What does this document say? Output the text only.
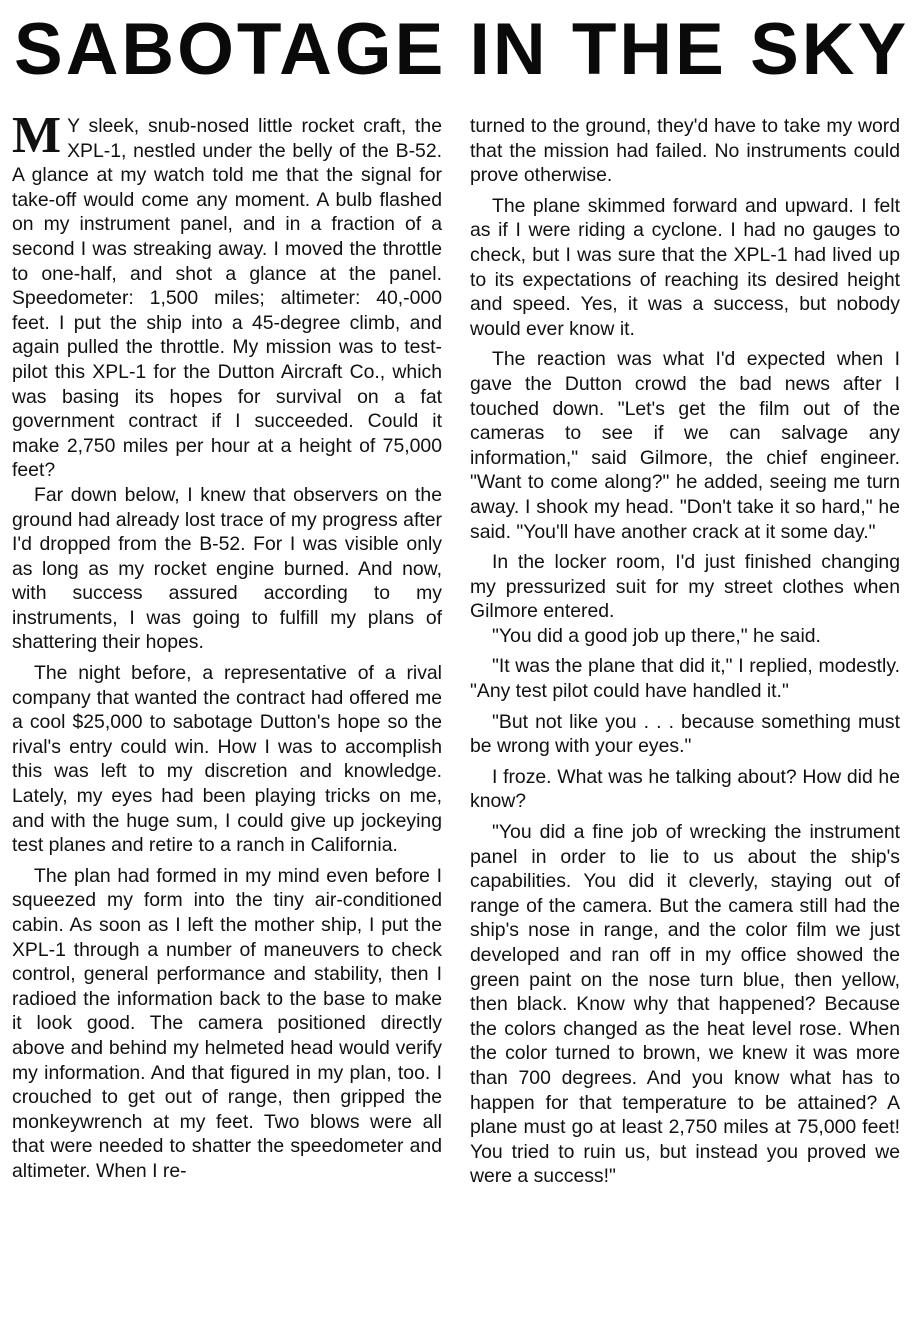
SABOTAGE IN THE SKY

M Y sleek, snub-nosed little rocket craft, the XPL-1, nestled under the belly of the B-52. A glance at my watch told me that the signal for take-off would come any moment. A bulb flashed on my instrument panel, and in a fraction of a second I was streaking away. I moved the throttle to one-half, and shot a glance at the panel. Speedometer: 1,500 miles; altimeter: 40,-000 feet. I put the ship into a 45-degree climb, and again pulled the throttle. My mission was to test-pilot this XPL-1 for the Dutton Aircraft Co., which was basing its hopes for survival on a fat government contract if I succeeded. Could it make 2,750 miles per hour at a height of 75,000 feet?

Far down below, I knew that observers on the ground had already lost trace of my progress after I'd dropped from the B-52. For I was visible only as long as my rocket engine burned. And now, with success assured according to my instruments, I was going to fulfill my plans of shattering their hopes.

The night before, a representative of a rival company that wanted the contract had offered me a cool $25,000 to sabotage Dutton's hope so the rival's entry could win. How I was to accomplish this was left to my discretion and knowledge. Lately, my eyes had been playing tricks on me, and with the huge sum, I could give up jockeying test planes and retire to a ranch in California.

The plan had formed in my mind even before I squeezed my form into the tiny air-conditioned cabin. As soon as I left the mother ship, I put the XPL-1 through a number of maneuvers to check control, general performance and stability, then I radioed the information back to the base to make it look good. The camera positioned directly above and behind my helmeted head would verify my information. And that figured in my plan, too. I crouched to get out of range, then gripped the monkeywrench at my feet. Two blows were all that were needed to shatter the speedometer and altimeter. When I re-

turned to the ground, they'd have to take my word that the mission had failed. No instruments could prove otherwise.

The plane skimmed forward and upward. I felt as if I were riding a cyclone. I had no gauges to check, but I was sure that the XPL-1 had lived up to its expectations of reaching its desired height and speed. Yes, it was a success, but nobody would ever know it.

The reaction was what I'd expected when I gave the Dutton crowd the bad news after I touched down. "Let's get the film out of the cameras to see if we can salvage any information," said Gilmore, the chief engineer. "Want to come along?" he added, seeing me turn away. I shook my head. "Don't take it so hard," he said. "You'll have another crack at it some day."

In the locker room, I'd just finished changing my pressurized suit for my street clothes when Gilmore entered.

"You did a good job up there," he said.

"It was the plane that did it," I replied, modestly. "Any test pilot could have handled it."

"But not like you . . . because something must be wrong with your eyes."

I froze. What was he talking about? How did he know?

"You did a fine job of wrecking the instrument panel in order to lie to us about the ship's capabilities. You did it cleverly, staying out of range of the camera. But the camera still had the ship's nose in range, and the color film we just developed and ran off in my office showed the green paint on the nose turn blue, then yellow, then black. Know why that happened? Because the colors changed as the heat level rose. When the color turned to brown, we knew it was more than 700 degrees. And you know what has to happen for that temperature to be attained? A plane must go at least 2,750 miles at 75,000 feet! You tried to ruin us, but instead you proved we were a success!"
